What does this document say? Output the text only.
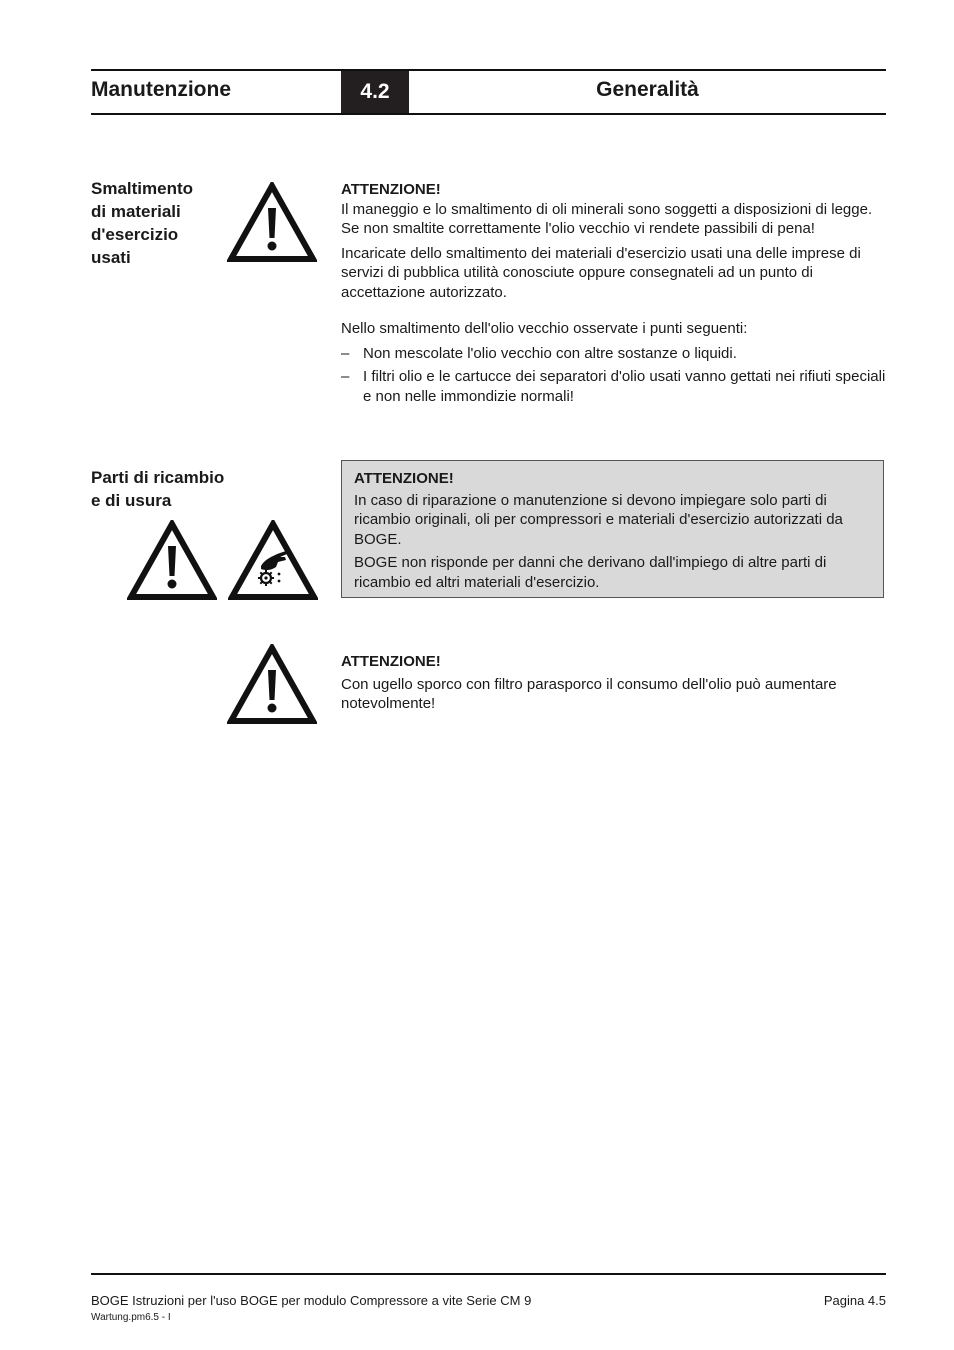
Manutenzione	4.2	Generalità
Smaltimento
di materiali
d'esercizio
usati

ATTENZIONE!

Il maneggio e lo smaltimento di oli minerali sono soggetti a disposizioni di legge. Se non smaltite correttamente l'olio vecchio vi rendete passibili di pena!

Incaricate dello smaltimento dei materiali d'esercizio usati una delle imprese di servizi di pubblica utilità conosciute oppure consegnateli ad un punto di accettazione autorizzato.

Nello smaltimento dell'olio vecchio osservate i punti seguenti:

– Non mescolate l'olio vecchio con altre sostanze o liquidi.
– I filtri olio e le cartucce dei separatori d'olio usati vanno gettati nei rifiuti speciali e non nelle immondizie normali!
Parti di ricambio
e di usura

ATTENZIONE!

In caso di riparazione o manutenzione si devono impiegare solo parti di ricambio originali, oli per compressori e materiali d'esercizio autorizzati da BOGE.

BOGE non risponde per danni che derivano dall'impiego di altre parti di ricambio ed altri materiali d'esercizio.

ATTENZIONE!

Con ugello sporco con filtro parasporco il consumo dell'olio può aumentare notevolmente!

BOGE Istruzioni per l'uso BOGE per modulo Compressore a vite Serie CM 9	Pagina 4.5
Wartung.pm6.5 - I
